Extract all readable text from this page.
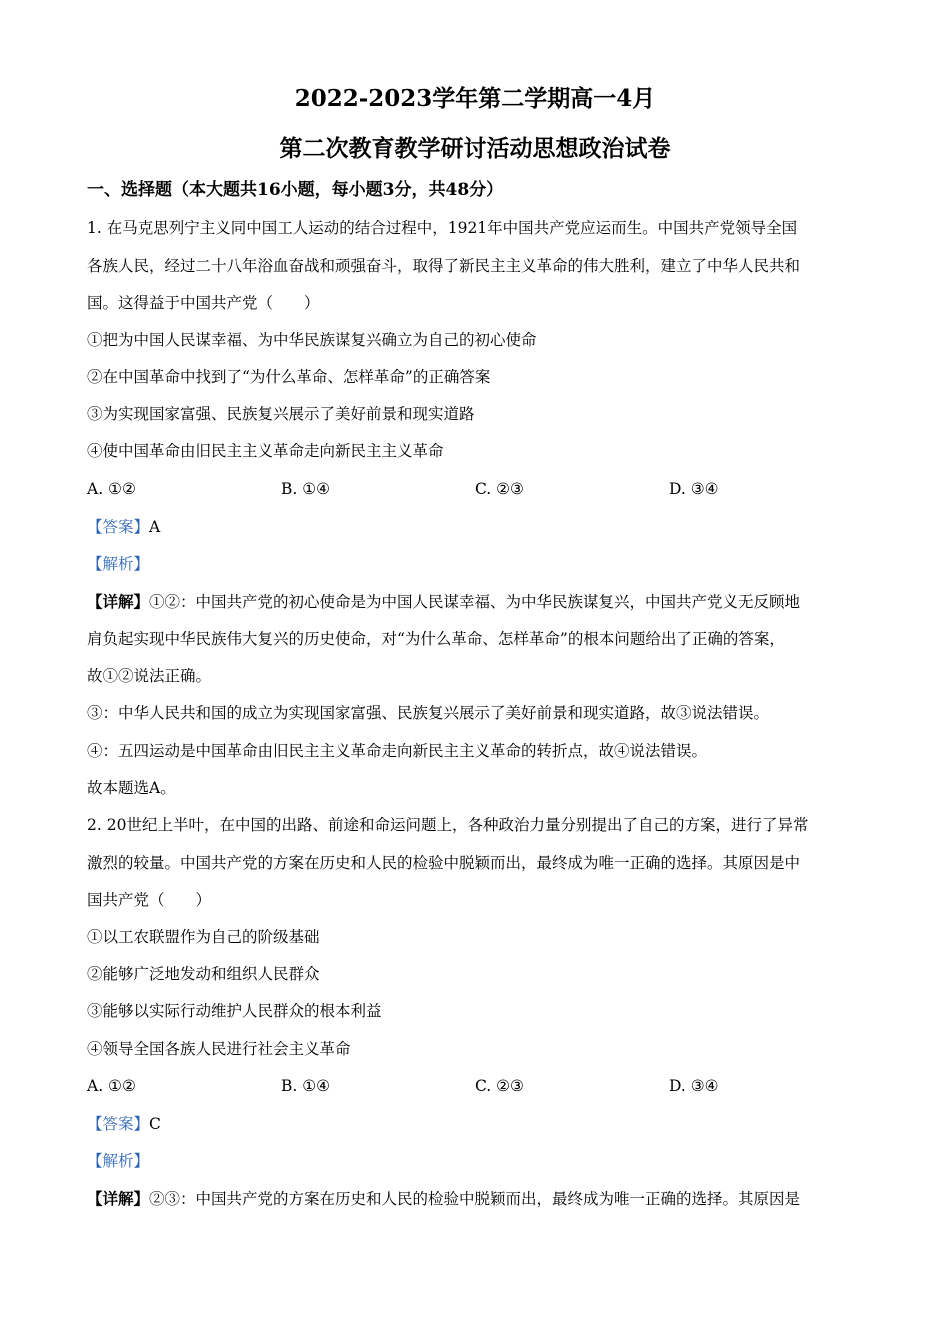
2022-2023学年第二学期高一4月
第二次教育教学研讨活动思想政治试卷
一、选择题（本大题共16小题，每小题3分，共48分）
1. 在马克思列宁主义同中国工人运动的结合过程中，1921年中国共产党应运而生。中国共产党领导全国
各族人民，经过二十八年浴血奋战和顽强奋斗，取得了新民主主义革命的伟大胜利，建立了中华人民共和
国。这得益于中国共产党（　　）
①把为中国人民谋幸福、为中华民族谋复兴确立为自己的初心使命
②在中国革命中找到了“为什么革命、怎样革命”的正确答案
③为实现国家富强、民族复兴展示了美好前景和现实道路
④使中国革命由旧民主主义革命走向新民主主义革命
A. ①②	B. ①④	C. ②③	D. ③④
【答案】A
【解析】
【详解】①②：中国共产党的初心使命是为中国人民谋幸福、为中华民族谋复兴，中国共产党义无反顾地
肩负起实现中华民族伟大复兴的历史使命，对“为什么革命、怎样革命”的根本问题给出了正确的答案，
故①②说法正确。
③：中华人民共和国的成立为实现国家富强、民族复兴展示了美好前景和现实道路，故③说法错误。
④：五四运动是中国革命由旧民主主义革命走向新民主主义革命的转折点，故④说法错误。
故本题选A。
2. 20世纪上半叶，在中国的出路、前途和命运问题上，各种政治力量分别提出了自己的方案，进行了异常
激烈的较量。中国共产党的方案在历史和人民的检验中脱颖而出，最终成为唯一正确的选择。其原因是中
国共产党（　　）
①以工农联盟作为自己的阶级基础
②能够广泛地发动和组织人民群众
③能够以实际行动维护人民群众的根本利益
④领导全国各族人民进行社会主义革命
A. ①②	B. ①④	C. ②③	D. ③④
【答案】C
【解析】
【详解】②③：中国共产党的方案在历史和人民的检验中脱颖而出，最终成为唯一正确的选择。其原因是
